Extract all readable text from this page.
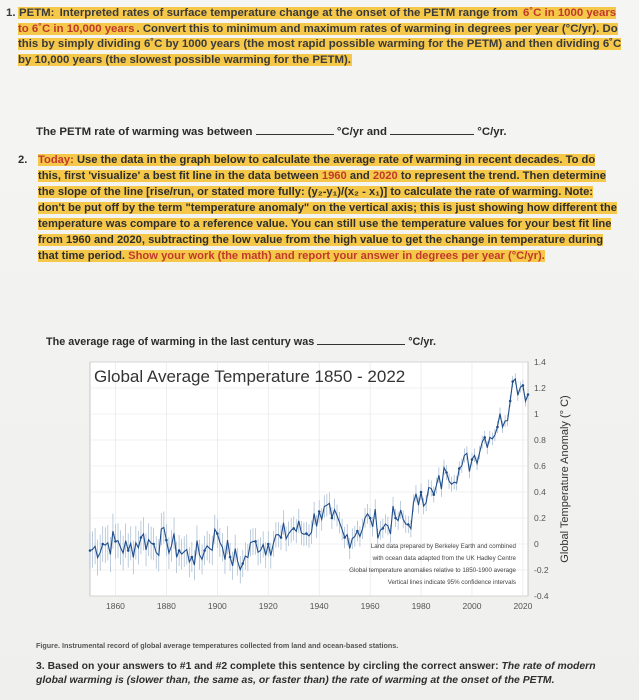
1. PETM: Interpreted rates of surface temperature change at the onset of the PETM range from 6˚C in 1000 years to 6˚C in 10,000 years . Convert this to minimum and maximum rates of warming in degrees per year (°C/yr). Do this by simply dividing 6˚C by 1000 years (the most rapid possible warming for the PETM) and then dividing 6˚C by 10,000 years (the slowest possible warming for the PETM).
The PETM rate of warming was between	°C/yr and	°C/yr.
2. Today: Use the data in the graph below to calculate the average rate of warming in recent decades. To do this, first 'visualize' a best fit line in the data between 1960 and 2020 to represent the trend. Then determine the slope of the line [rise/run, or stated more fully: (y₂-y₁)/(x₂ - x₁)] to calculate the rate of warming. Note: don't be put off by the term "temperature anomaly" on the vertical axis; this is just showing how different the temperature was compare to a reference value. You can still use the temperature values for your best fit line from 1960 and 2020, subtracting the low value from the high value to get the change in temperature during that time period. Show your work (the math) and report your answer in degrees per year (°C/yr).
The average rage of warming in the last century was	°C/yr.
Global Average Temperature 1850 - 2022
-0.4
-0.2
0
0.2
0.4
0.6
0.8
1
1.2
1.4
1860	1880	1900	1920	1940	1960	1980	2000	2020
Global Temperature Anomaly (° C)
Land data prepared by Berkeley Earth and combined
with ocean data adapted from the UK Hadley Centre
Global temperature anomalies relative to 1850-1900 average
Vertical lines indicate 95% confidence intervals
Figure. Instrumental record of global average temperatures collected from land and ocean-based stations.
3. Based on your answers to #1 and #2 complete this sentence by circling the correct answer: The rate of modern global warming is (slower than, the same as, or faster than) the rate of warming at the onset of the PETM.
